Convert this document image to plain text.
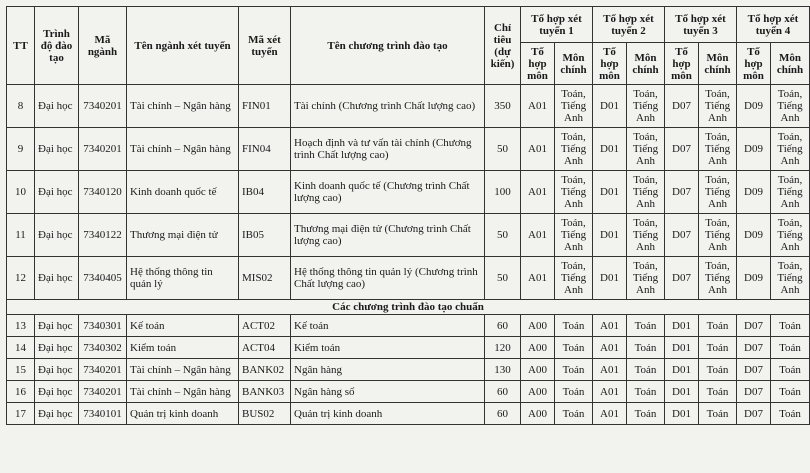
TT	Trình độ đào tạo	Mã ngành	Tên ngành xét tuyển	Mã xét tuyển	Tên chương trình đào tạo	Chỉ tiêu (dự kiến)	Tổ hợp xét tuyển 1		Tổ hợp xét tuyển 2		Tổ hợp xét tuyển 3		Tổ hợp xét tuyển 4	
							Tổ hợp môn	Môn chính	Tổ hợp môn	Môn chính	Tổ hợp môn	Môn chính	Tổ hợp môn	Môn chính
8	Đại học	7340201	Tài chính – Ngân hàng	FIN01	Tài chính (Chương trình Chất lượng cao)	350	A01	Toán, Tiếng Anh	D01	Toán, Tiếng Anh	D07	Toán, Tiếng Anh	D09	Toán, Tiếng Anh
9	Đại học	7340201	Tài chính – Ngân hàng	FIN04	Hoạch định và tư vấn tài chính (Chương trình Chất lượng cao)	50	A01	Toán, Tiếng Anh	D01	Toán, Tiếng Anh	D07	Toán, Tiếng Anh	D09	Toán, Tiếng Anh
10	Đại học	7340120	Kinh doanh quốc tế	IB04	Kinh doanh quốc tế (Chương trình Chất lượng cao)	100	A01	Toán, Tiếng Anh	D01	Toán, Tiếng Anh	D07	Toán, Tiếng Anh	D09	Toán, Tiếng Anh
11	Đại học	7340122	Thương mại điện tử	IB05	Thương mại điện tử (Chương trình Chất lượng cao)	50	A01	Toán, Tiếng Anh	D01	Toán, Tiếng Anh	D07	Toán, Tiếng Anh	D09	Toán, Tiếng Anh
12	Đại học	7340405	Hệ thống thông tin quản lý	MIS02	Hệ thống thông tin quản lý (Chương trình Chất lượng cao)	50	A01	Toán, Tiếng Anh	D01	Toán, Tiếng Anh	D07	Toán, Tiếng Anh	D09	Toán, Tiếng Anh
Các chương trình đào tạo chuẩn														
13	Đại học	7340301	Kế toán	ACT02	Kế toán	60	A00	Toán	A01	Toán	D01	Toán	D07	Toán
14	Đại học	7340302	Kiểm toán	ACT04	Kiểm toán	120	A00	Toán	A01	Toán	D01	Toán	D07	Toán
15	Đại học	7340201	Tài chính – Ngân hàng	BANK02	Ngân hàng	130	A00	Toán	A01	Toán	D01	Toán	D07	Toán
16	Đại học	7340201	Tài chính – Ngân hàng	BANK03	Ngân hàng số	60	A00	Toán	A01	Toán	D01	Toán	D07	Toán
17	Đại học	7340101	Quản trị kinh doanh	BUS02	Quản trị kinh doanh	60	A00	Toán	A01	Toán	D01	Toán	D07	Toán
